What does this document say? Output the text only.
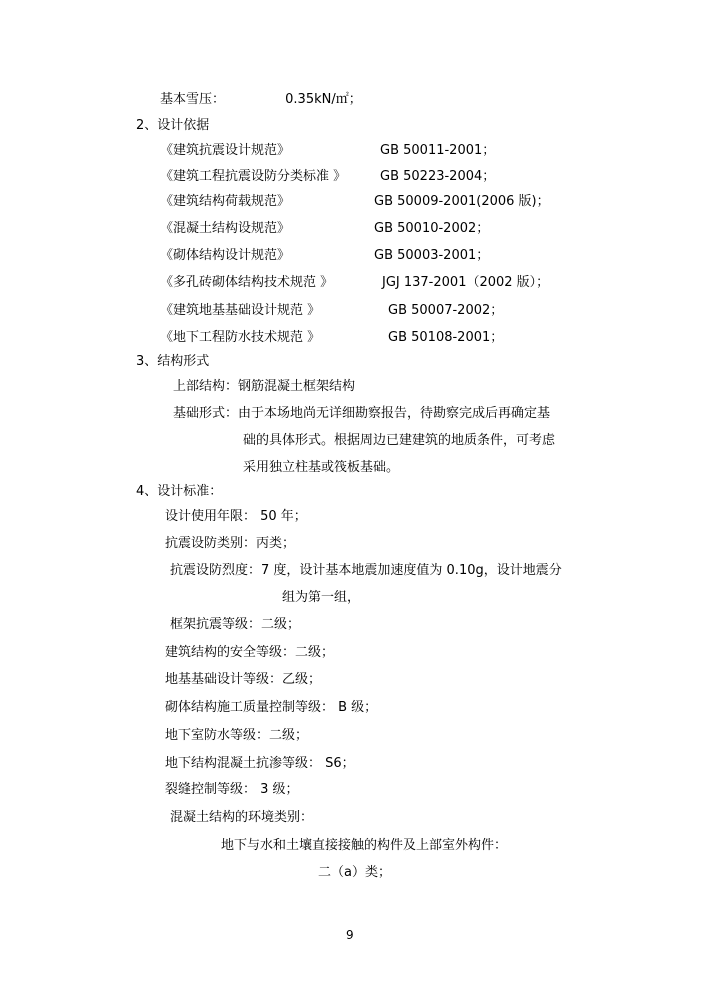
基本雪压：	0.35kN/㎡；
2、设计依据
《建筑抗震设计规范》	GB 50011-2001；
《建筑工程抗震设防分类标准 》	GB 50223-2004；
《建筑结构荷载规范》	GB 50009-2001(2006 版)；
《混凝土结构设规范》	GB 50010-2002；
《砌体结构设计规范》	GB 50003-2001；
《多孔砖砌体结构技术规范 》	JGJ 137-2001（2002 版）；
《建筑地基基础设计规范 》	GB 50007-2002；
《地下工程防水技术规范 》	GB 50108-2001；
3、结构形式
上部结构：钢筋混凝土框架结构
基础形式：由于本场地尚无详细勘察报告，待勘察完成后再确定基
础的具体形式。根据周边已建建筑的地质条件，可考虑
采用独立柱基或筏板基础。
4、设计标准：
设计使用年限： 50 年；
抗震设防类别：丙类；
抗震设防烈度：7 度，设计基本地震加速度值为 0.10g，设计地震分
组为第一组，
框架抗震等级：二级；
建筑结构的安全等级：二级；
地基基础设计等级：乙级；
砌体结构施工质量控制等级： B 级；
地下室防水等级：二级；
地下结构混凝土抗渗等级： S6；
裂缝控制等级： 3 级；
混凝土结构的环境类别：
地下与水和土壤直接接触的构件及上部室外构件：
二（a）类；
9
